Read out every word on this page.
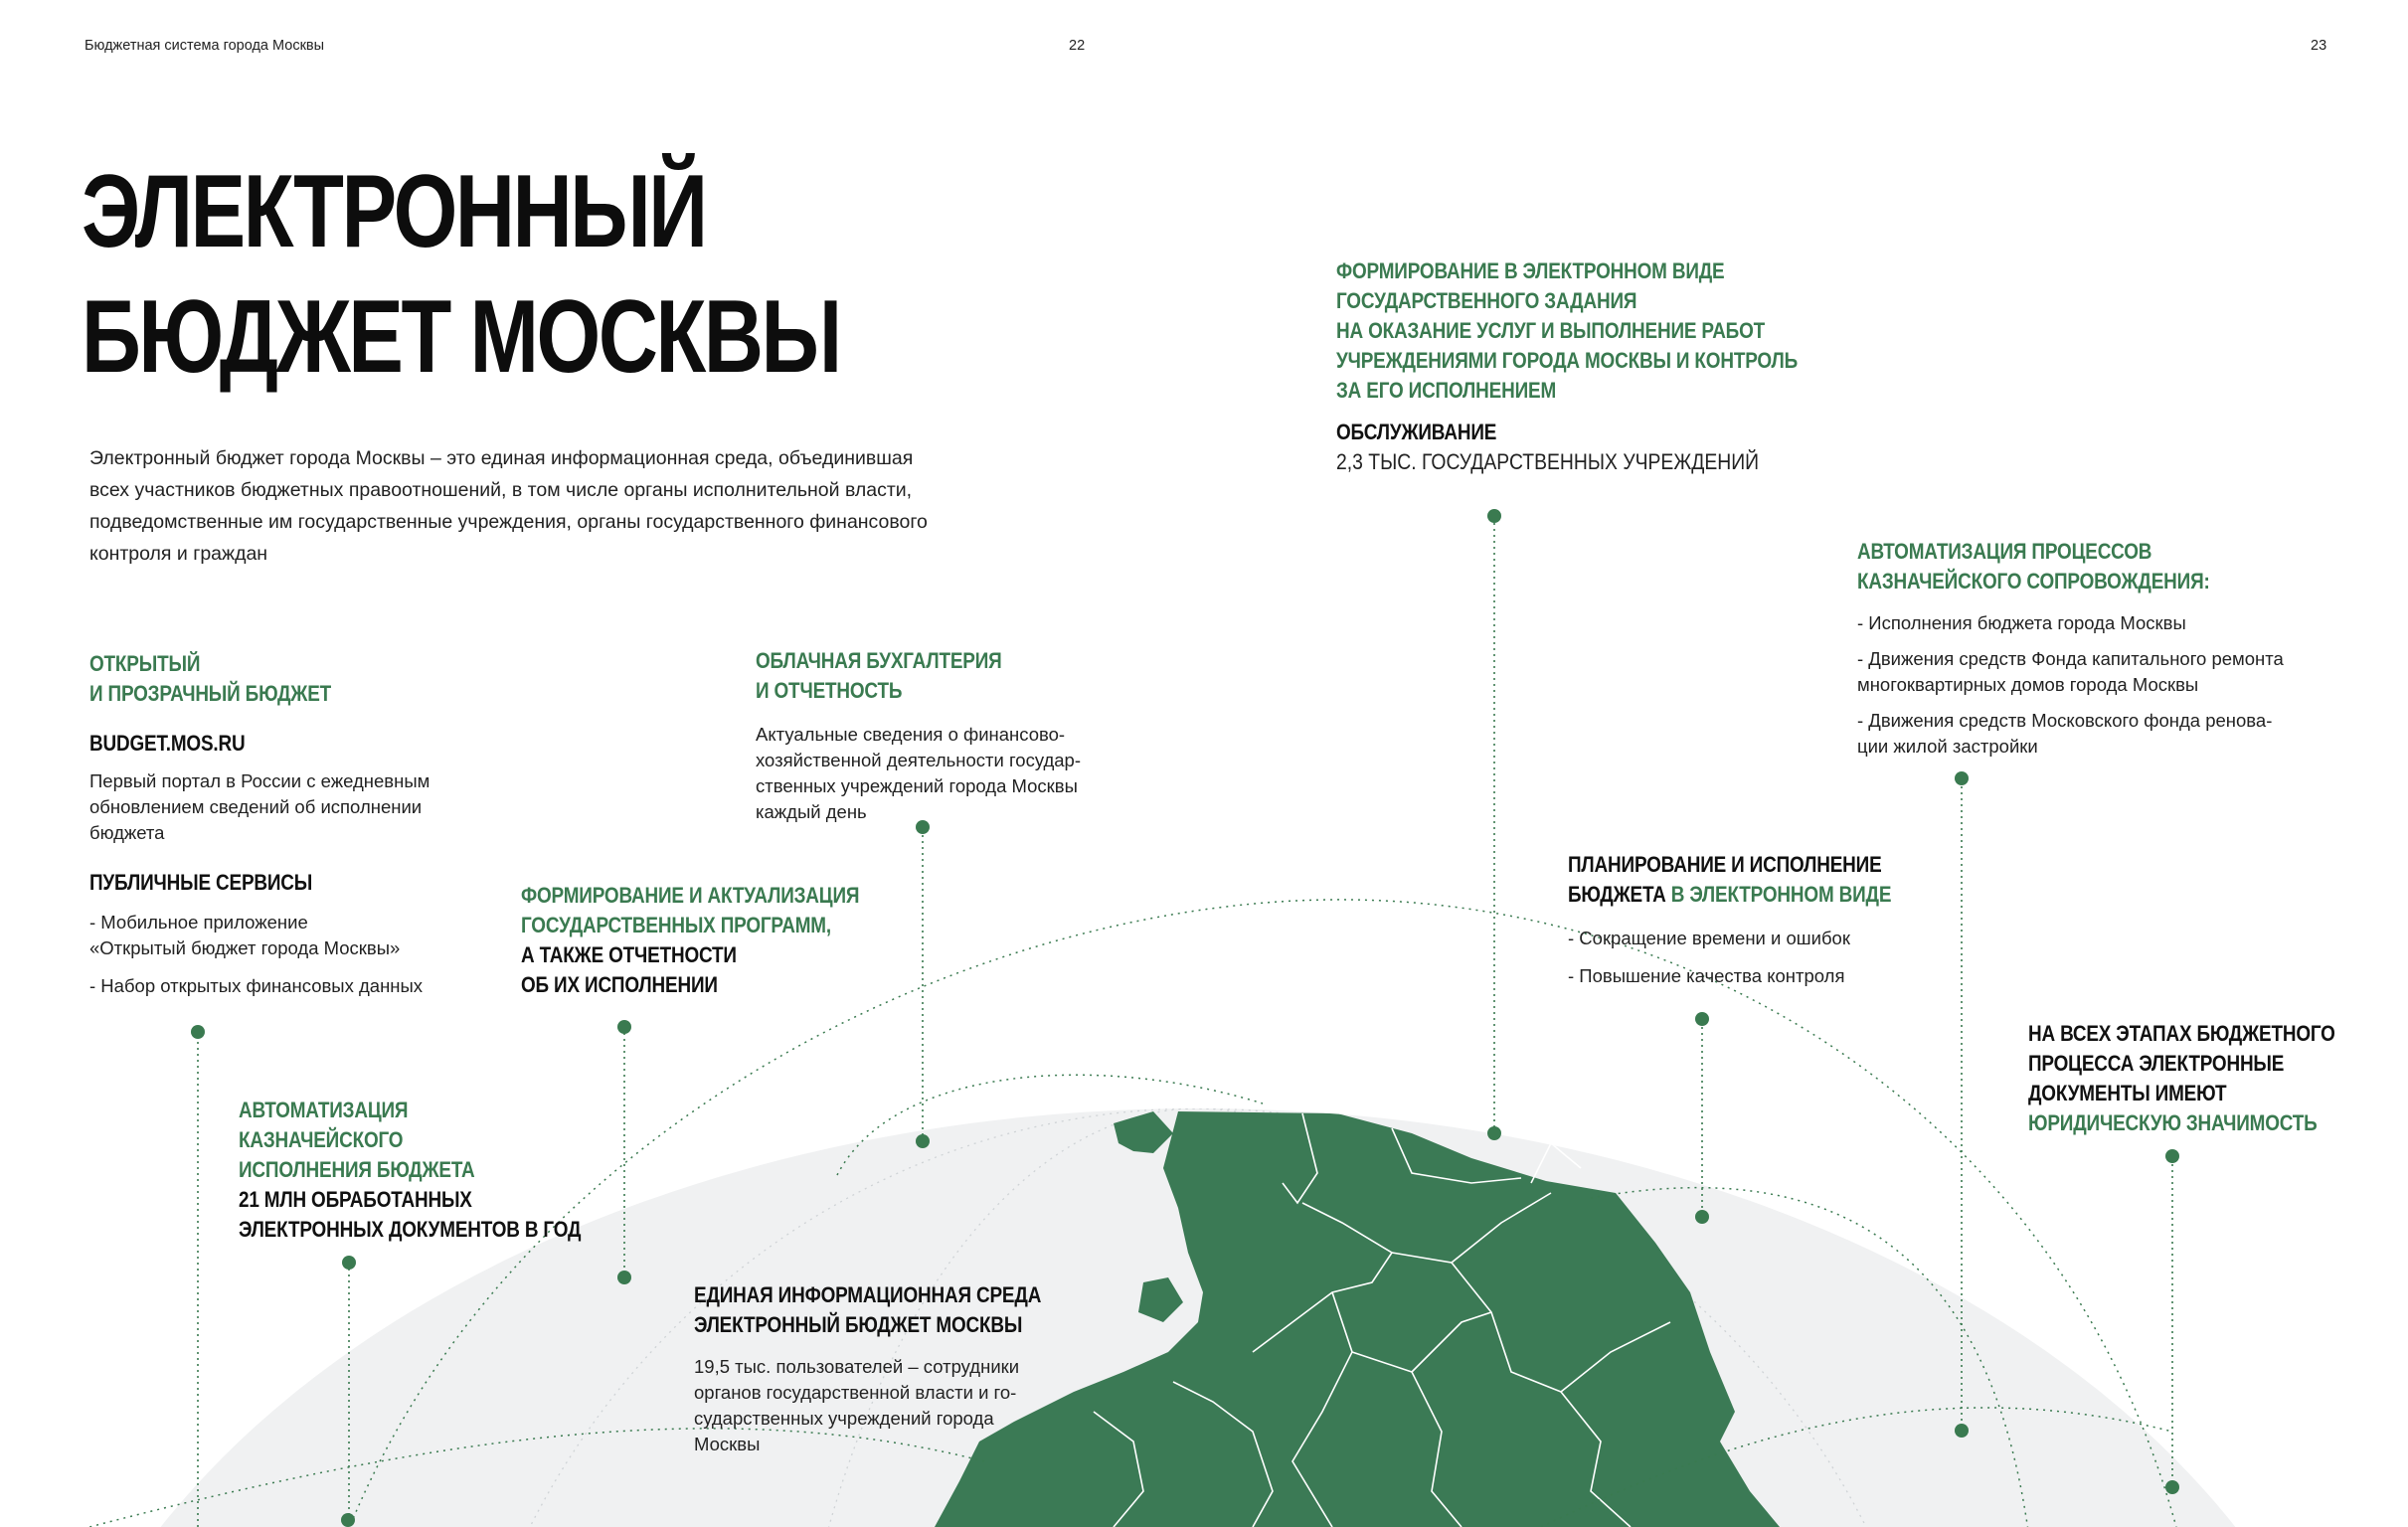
Бюджетная система города Москвы	22	23
ЭЛЕКТРОННЫЙ
БЮДЖЕТ МОСКВЫ
Электронный бюджет города Москвы – это единая информационная среда, объединившая
всех участников бюджетных правоотношений, в том числе органы исполнительной власти,
подведомственные им государственные учреждения, органы государственного финансового
контроля и граждан
ОТКРЫТЫЙ
И ПРОЗРАЧНЫЙ БЮДЖЕТ
BUDGET.MOS.RU
Первый портал в России с ежедневным
обновлением сведений об исполнении
бюджета
ПУБЛИЧНЫЕ СЕРВИСЫ
- Мобильное приложение
«Открытый бюджет города Москвы»
- Набор открытых финансовых данных
ОБЛАЧНАЯ БУХГАЛТЕРИЯ
И ОТЧЕТНОСТЬ
Актуальные сведения о финансово-
хозяйственной деятельности государ-
ственных учреждений города Москвы
каждый день
ФОРМИРОВАНИЕ И АКТУАЛИЗАЦИЯ
ГОСУДАРСТВЕННЫХ ПРОГРАММ,
А ТАКЖЕ ОТЧЕТНОСТИ
ОБ ИХ ИСПОЛНЕНИИ
АВТОМАТИЗАЦИЯ
КАЗНАЧЕЙСКОГО
ИСПОЛНЕНИЯ БЮДЖЕТА
21 МЛН ОБРАБОТАННЫХ
ЭЛЕКТРОННЫХ ДОКУМЕНТОВ В ГОД
ЕДИНАЯ ИНФОРМАЦИОННАЯ СРЕДА
ЭЛЕКТРОННЫЙ БЮДЖЕТ МОСКВЫ
19,5 тыс. пользователей – сотрудники
органов государственной власти и го-
сударственных учреждений города
Москвы
ФОРМИРОВАНИЕ В ЭЛЕКТРОННОМ ВИДЕ
ГОСУДАРСТВЕННОГО ЗАДАНИЯ
НА ОКАЗАНИЕ УСЛУГ И ВЫПОЛНЕНИЕ РАБОТ
УЧРЕЖДЕНИЯМИ ГОРОДА МОСКВЫ И КОНТРОЛЬ
ЗА ЕГО ИСПОЛНЕНИЕМ
ОБСЛУЖИВАНИЕ
2,3 ТЫС. ГОСУДАРСТВЕННЫХ УЧРЕЖДЕНИЙ
АВТОМАТИЗАЦИЯ ПРОЦЕССОВ
КАЗНАЧЕЙСКОГО СОПРОВОЖДЕНИЯ:
- Исполнения бюджета города Москвы
- Движения средств Фонда капитального ремонта
многоквартирных домов города Москвы
- Движения средств Московского фонда ренова-
ции жилой застройки
ПЛАНИРОВАНИЕ И ИСПОЛНЕНИЕ
БЮДЖЕТА В ЭЛЕКТРОННОМ ВИДЕ
- Сокращение времени и ошибок
- Повышение качества контроля
НА ВСЕХ ЭТАПАХ БЮДЖЕТНОГО
ПРОЦЕССА ЭЛЕКТРОННЫЕ
ДОКУМЕНТЫ ИМЕЮТ
ЮРИДИЧЕСКУЮ ЗНАЧИМОСТЬ
